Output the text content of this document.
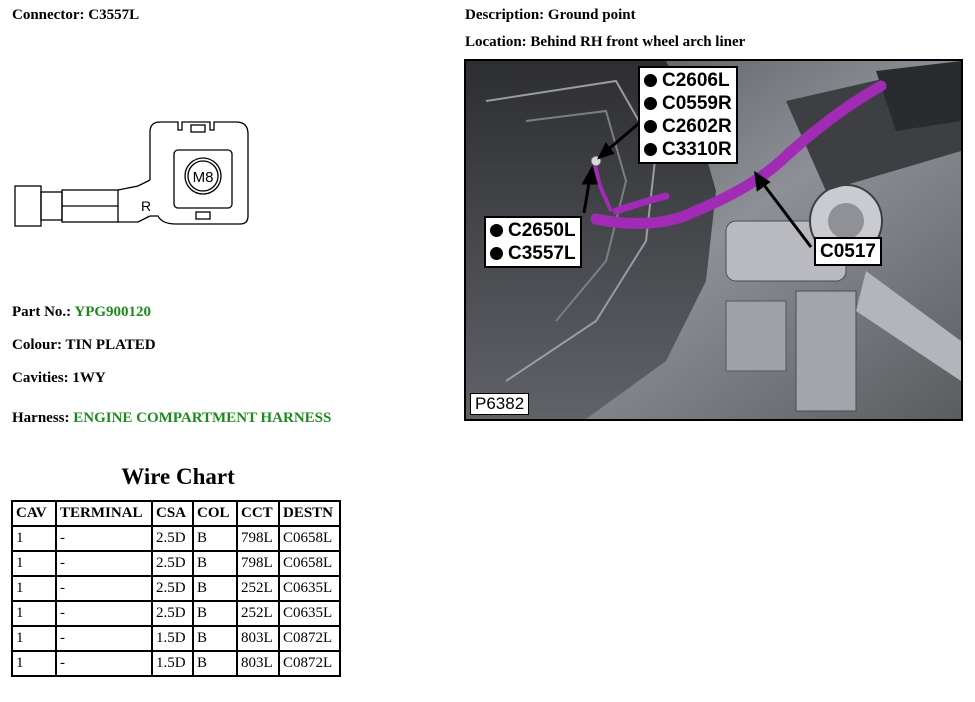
Connector: C3557L
M8
R
Part No.: YPG900120
Colour: TIN PLATED
Cavities: 1WY
Harness: ENGINE COMPARTMENT HARNESS
Wire Chart
CAV	TERMINAL	CSA	COL	CCT	DESTN
1	-	2.5D	B	798L	C0658L
1	-	2.5D	B	798L	C0658L
1	-	2.5D	B	252L	C0635L
1	-	2.5D	B	252L	C0635L
1	-	1.5D	B	803L	C0872L
1	-	1.5D	B	803L	C0872L
Description: Ground point
Location: Behind RH front wheel arch liner
C2606L
C0559R
C2602R
C3310R
C2650L
C3557L	C0517
P6382
